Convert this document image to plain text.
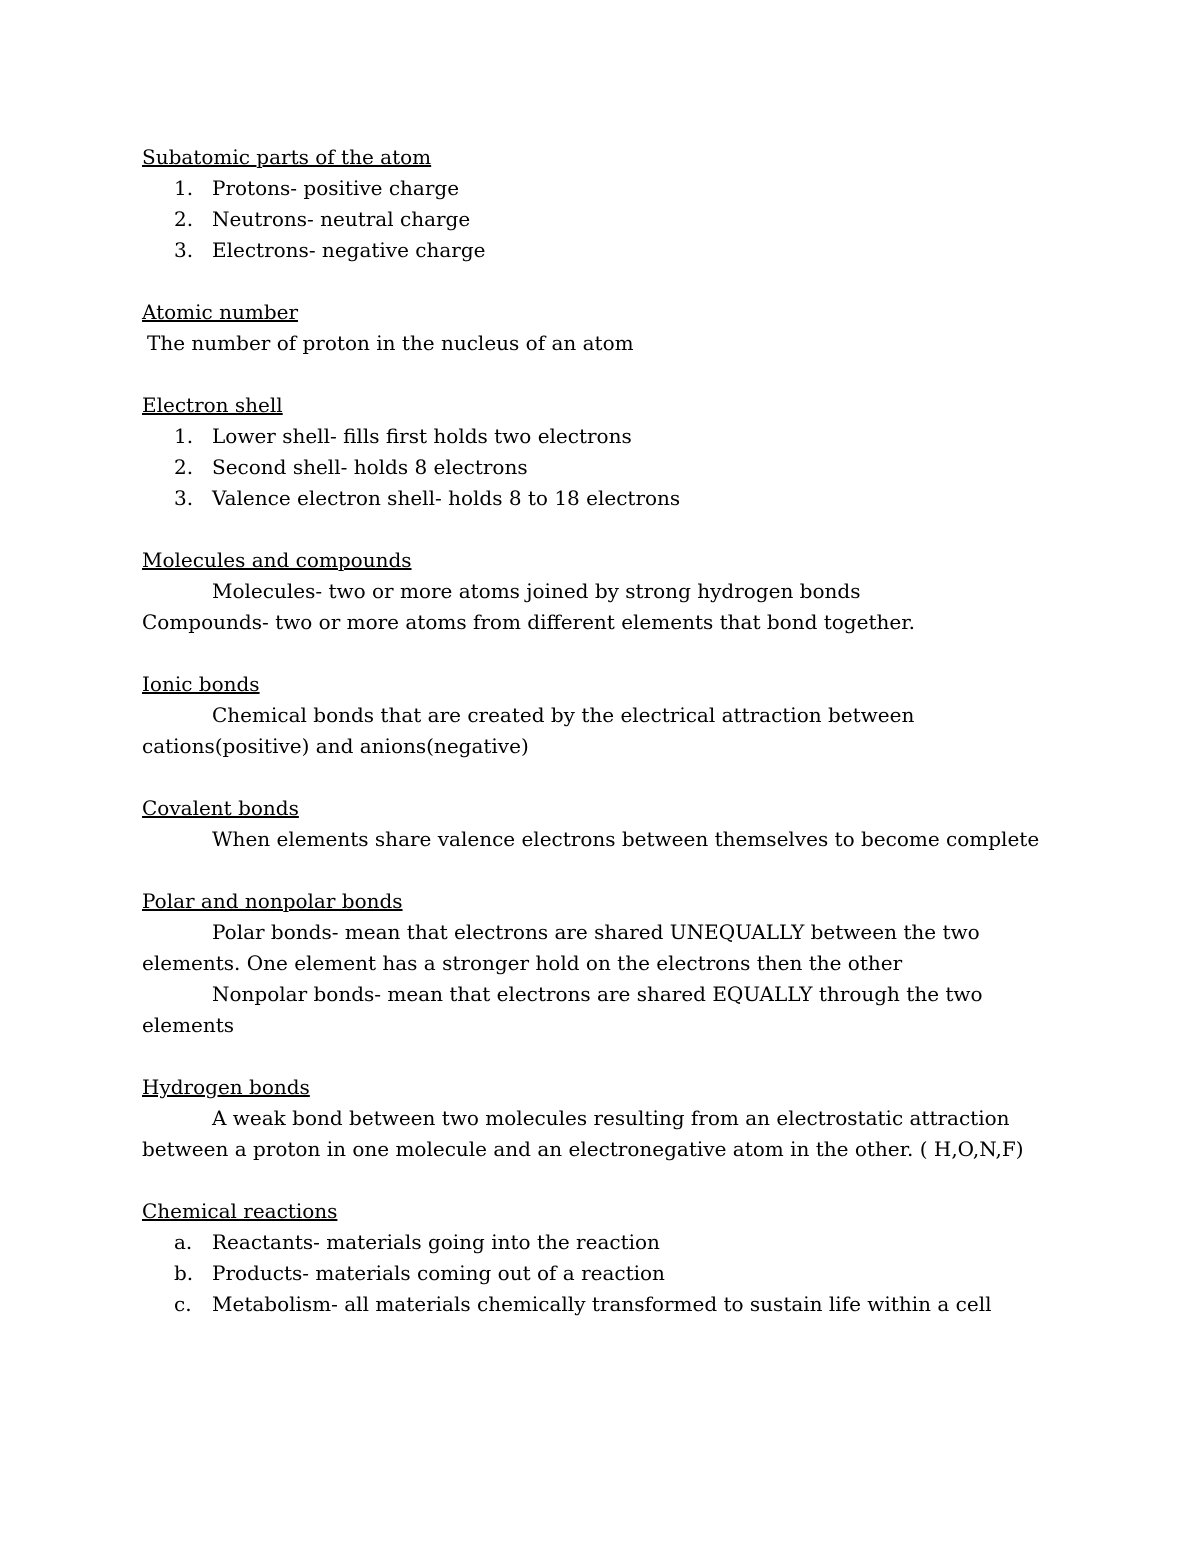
Subatomic parts of the atom

1. Protons- positive charge
2. Neutrons- neutral charge
3. Electrons- negative charge

Atomic number

The number of proton in the nucleus of an atom

Electron shell

1. Lower shell- fills first holds two electrons
2. Second shell- holds 8 electrons
3. Valence electron shell- holds 8 to 18 electrons

Molecules and compounds

Molecules- two or more atoms joined by strong hydrogen bonds

Compounds- two or more atoms from different elements that bond together.

Ionic bonds

Chemical bonds that are created by the electrical attraction between

cations(positive) and anions(negative)

Covalent bonds

When elements share valence electrons between themselves to become complete

Polar and nonpolar bonds

Polar bonds- mean that electrons are shared UNEQUALLY between the two

elements. One element has a stronger hold on the electrons then the other

Nonpolar bonds- mean that electrons are shared EQUALLY through the two

elements

Hydrogen bonds

A weak bond between two molecules resulting from an electrostatic attraction

between a proton in one molecule and an electronegative atom in the other. ( H,O,N,F)

Chemical reactions

a. Reactants- materials going into the reaction
b. Products- materials coming out of a reaction
c.	Metabolism- all materials chemically transformed to sustain life within a cell
